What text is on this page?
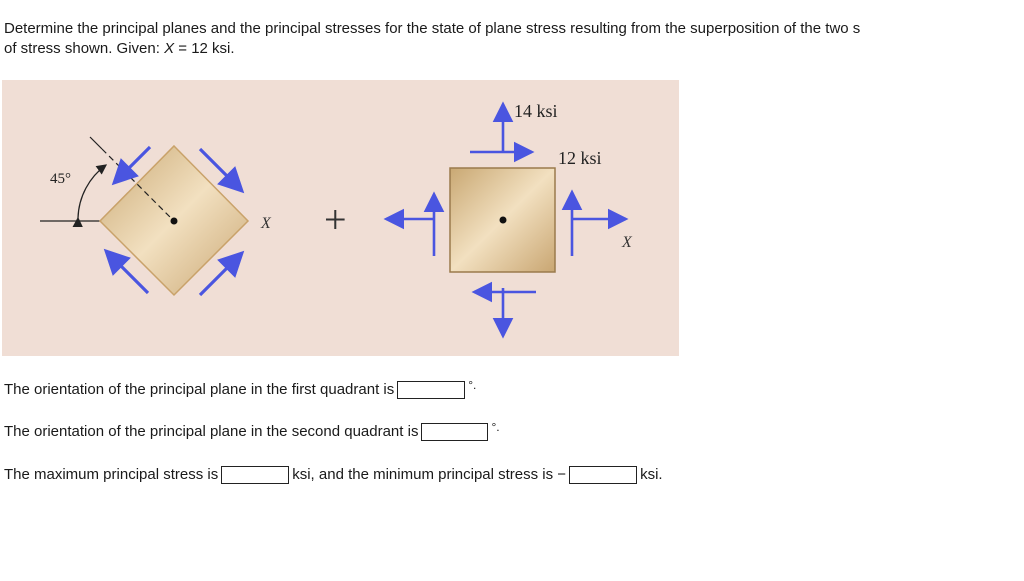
Determine the principal planes and the principal stresses for the state of plane stress resulting from the superposition of the two s
of stress shown. Given: X = 12 ksi.
45°
X +
14 ksi
12 ksi
X
The orientation of the principal plane in the first quadrant is	°.
The orientation of the principal plane in the second quadrant is	°.
The maximum principal stress is	ksi, and the minimum principal stress is −	ksi.
